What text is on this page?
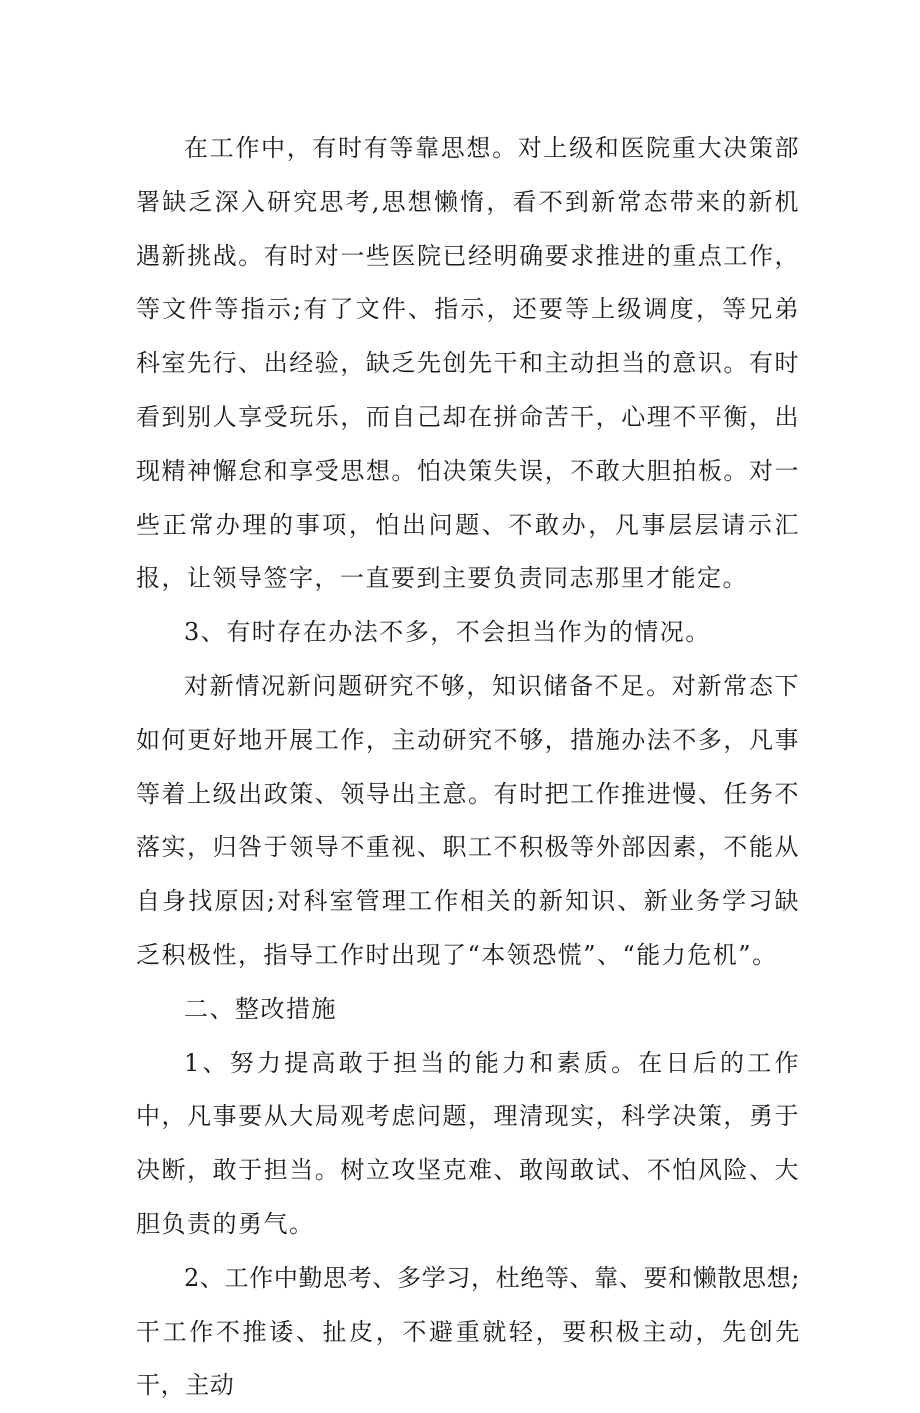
在工作中，有时有等靠思想。对上级和医院重大决策部署缺乏深入研究思考,思想懒惰，看不到新常态带来的新机遇新挑战。有时对一些医院已经明确要求推进的重点工作，等文件等指示;有了文件、指示，还要等上级调度，等兄弟科室先行、出经验，缺乏先创先干和主动担当的意识。有时看到别人享受玩乐，而自己却在拼命苦干，心理不平衡，出现精神懈怠和享受思想。怕决策失误，不敢大胆拍板。对一些正常办理的事项，怕出问题、不敢办，凡事层层请示汇报，让领导签字，一直要到主要负责同志那里才能定。

3、有时存在办法不多，不会担当作为的情况。

对新情况新问题研究不够，知识储备不足。对新常态下如何更好地开展工作，主动研究不够，措施办法不多，凡事等着上级出政策、领导出主意。有时把工作推进慢、任务不落实，归咎于领导不重视、职工不积极等外部因素，不能从自身找原因;对科室管理工作相关的新知识、新业务学习缺乏积极性，指导工作时出现了“本领恐慌”、“能力危机”。

二、整改措施

1、努力提高敢于担当的能力和素质。在日后的工作中，凡事要从大局观考虑问题，理清现实，科学决策，勇于决断，敢于担当。树立攻坚克难、敢闯敢试、不怕风险、大胆负责的勇气。

2、工作中勤思考、多学习，杜绝等、靠、要和懒散思想;干工作不推诿、扯皮，不避重就轻，要积极主动，先创先干，主动
